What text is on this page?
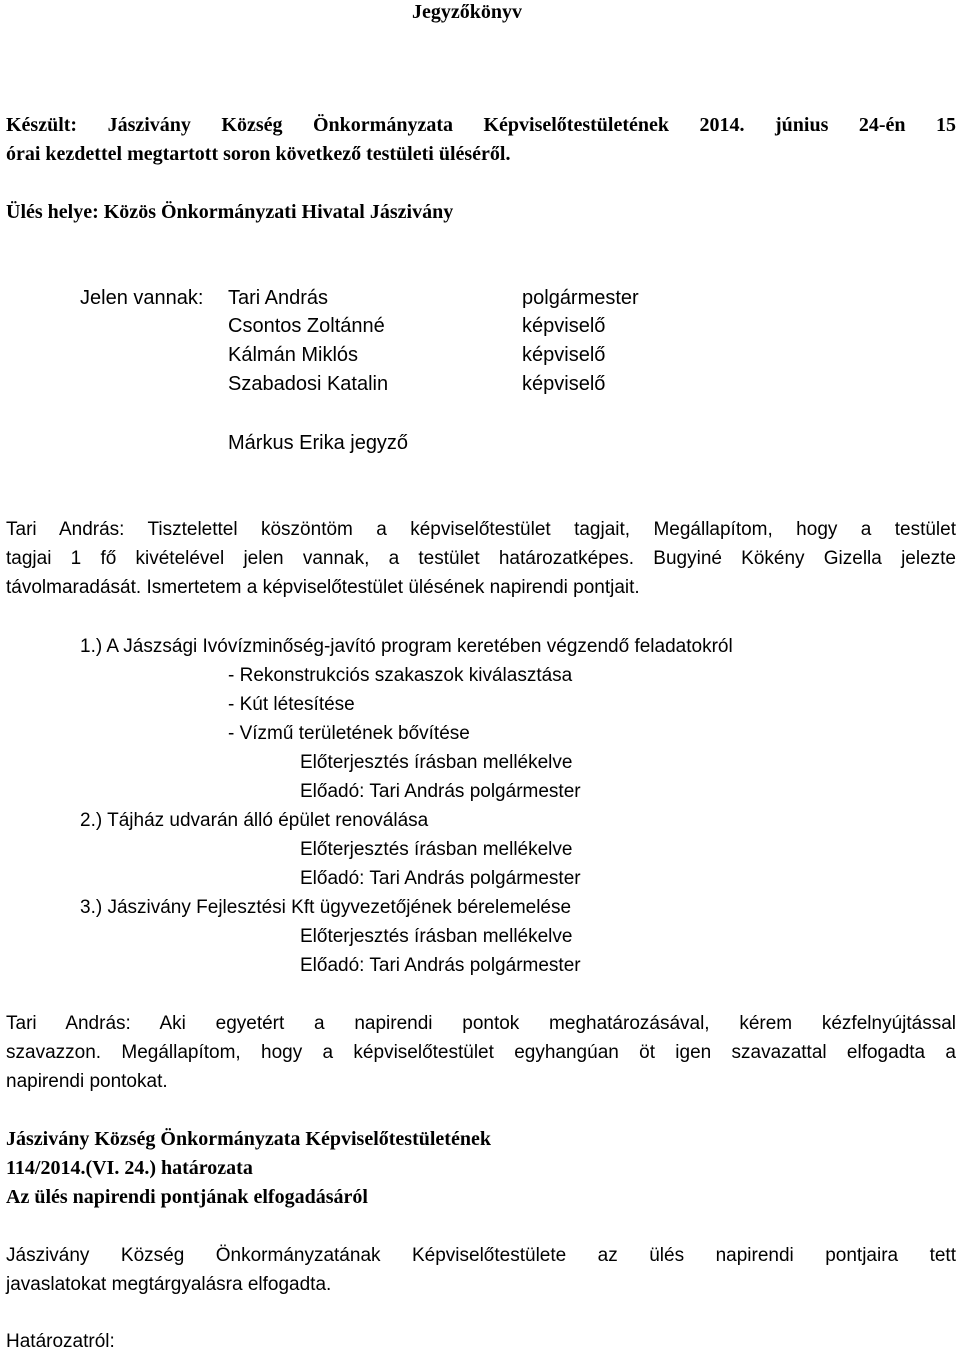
Jegyzőkönyv
Készült: Jászivány Község Önkormányzata Képviselőtestületének 2014. június 24-én 15
órai kezdettel megtartott soron következő testületi üléséről.
Ülés helye: Közös Önkormányzati Hivatal Jászivány
Jelen vannak: Tari András
Csontos Zoltánné
Kálmán Miklós
Szabadosi Katalin
polgármester
képviselő
képviselő
képviselő
Márkus Erika jegyző
Tari András: Tisztelettel köszöntöm a képviselőtestület tagjait, Megállapítom, hogy a testület
tagjai 1 fő kivételével jelen vannak, a testület határozatképes. Bugyiné Kökény Gizella jelezte
távolmaradását. Ismertetem a képviselőtestület ülésének napirendi pontjait.
1.) A Jászsági Ivóvízminőség-javító program keretében végzendő feladatokról
- Rekonstrukciós szakaszok kiválasztása
- Kút létesítése
- Vízmű területének bővítése
Előterjesztés írásban mellékelve
Előadó: Tari András polgármester
2.) Tájház udvarán álló épület renoválása
Előterjesztés írásban mellékelve
Előadó: Tari András polgármester
3.) Jászivány Fejlesztési Kft ügyvezetőjének bérelemelése
Előterjesztés írásban mellékelve
Előadó: Tari András polgármester
Tari András: Aki egyetért a napirendi pontok meghatározásával, kérem kézfelnyújtással
szavazzon. Megállapítom, hogy a képviselőtestület egyhangúan öt igen szavazattal elfogadta a
napirendi pontokat.
Jászivány Község Önkormányzata Képviselőtestületének
114/2014.(VI. 24.) határozata
Az ülés napirendi pontjának elfogadásáról
Jászivány Község Önkormányzatának Képviselőtestülete az ülés napirendi pontjaira tett
javaslatokat megtárgyalásra elfogadta.
Határozatról:
